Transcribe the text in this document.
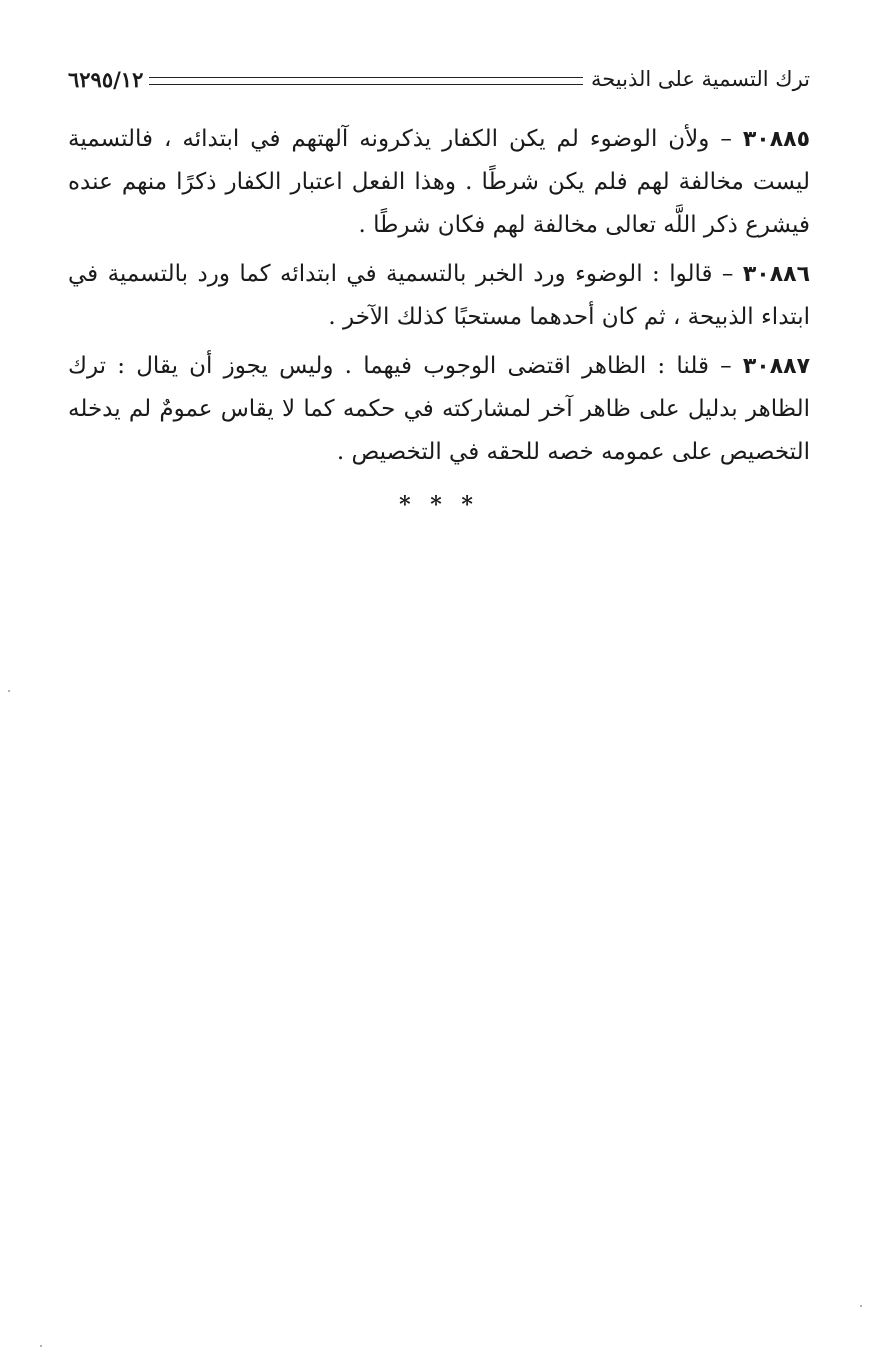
ترك التسمية على الذبيحة
٦٢٩٥/١٢

٣٠٨٨٥ – ولأن الوضوء لم يكن الكفار يذكرونه آلهتهم في ابتدائه ، فالتسمية ليست مخالفة لهم فلم يكن شرطًا . وهذا الفعل اعتبار الكفار ذكرًا منهم عنده فيشرع ذكر اللَّه تعالى مخالفة لهم فكان شرطًا .

٣٠٨٨٦ – قالوا : الوضوء ورد الخبر بالتسمية في ابتدائه كما ورد بالتسمية في ابتداء الذبيحة ، ثم كان أحدهما مستحبًا كذلك الآخر .

٣٠٨٨٧ – قلنا : الظاهر اقتضى الوجوب فيهما . وليس يجوز أن يقال : ترك الظاهر بدليل على ظاهر آخر لمشاركته في حكمه كما لا يقاس عمومٌ لم يدخله التخصيص على عمومه خصه للحقه في التخصيص .

* * *
